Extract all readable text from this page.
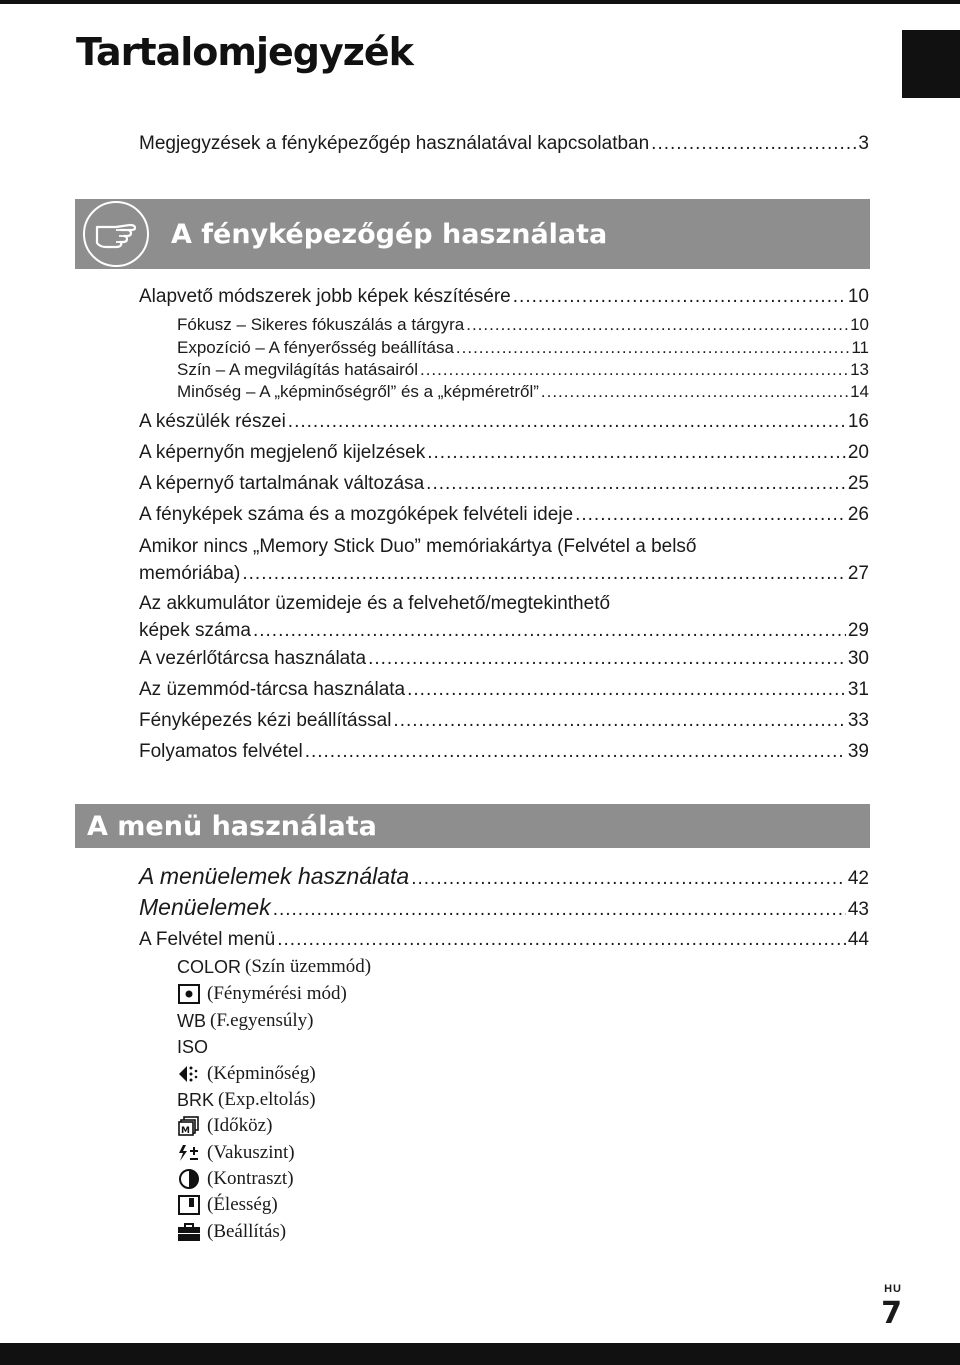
Tartalomjegyzék
Megjegyzések a fényképezőgép használatával kapcsolatban .....	3
A fényképezőgép használata
Alapvető módszerek jobb képek készítésére .....	10
Fókusz – Sikeres fókuszálás a tárgyra .....	10
Expozíció – A fényerősség beállítása .....	11
Szín – A megvilágítás hatásairól .....	13
Minőség – A „képminőségről” és a „képméretről” .....	14
A készülék részei .....	16
A képernyőn megjelenő kijelzések .....	20
A képernyő tartalmának változása .....	25
A fényképek száma és a mozgóképek felvételi ideje .....	26
Amikor nincs „Memory Stick Duo” memóriakártya (Felvétel a belső
memóriába) .....	27
Az akkumulátor üzemideje és a felvehető/megtekinthető
képek száma .....	29
A vezérlőtárcsa használata .....	30
Az üzemmód-tárcsa használata .....	31
Fényképezés kézi beállítással .....	33
Folyamatos felvétel .....	39
A menü használata
A menüelemek használata .....	42
Menüelemek .....	43
A Felvétel menü .....	44
COLOR (Szín üzemmód)
(Fénymérési mód)
WB (F.egyensúly)
ISO
(Képminőség)
BRK (Exp.eltolás)
M (Időköz)
(Vakuszint)
(Kontraszt)
(Élesség)
(Beállítás)
HU
7
